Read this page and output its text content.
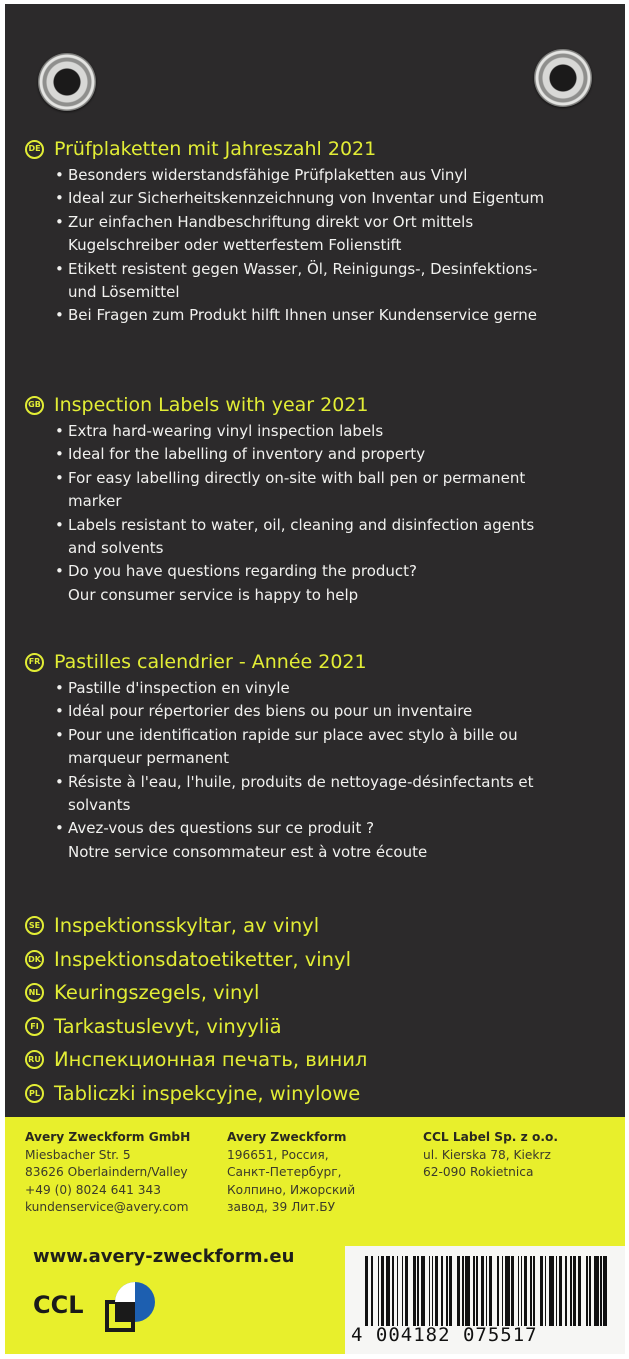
DE Prüfplaketten mit Jahreszahl 2021
• Besonders widerstandsfähige Prüfplaketten aus Vinyl
• Ideal zur Sicherheitskennzeichnung von Inventar und Eigentum
• Zur einfachen Handbeschriftung direkt vor Ort mittels
Kugelschreiber oder wetterfestem Folienstift
• Etikett resistent gegen Wasser, Öl, Reinigungs-, Desinfektions-
und Lösemittel
• Bei Fragen zum Produkt hilft Ihnen unser Kundenservice gerne
GB Inspection Labels with year 2021
• Extra hard-wearing vinyl inspection labels
• Ideal for the labelling of inventory and property
• For easy labelling directly on-site with ball pen or permanent
marker
• Labels resistant to water, oil, cleaning and disinfection agents
and solvents
• Do you have questions regarding the product?
Our consumer service is happy to help
FR Pastilles calendrier - Année 2021
• Pastille d'inspection en vinyle
• Idéal pour répertorier des biens ou pour un inventaire
• Pour une identification rapide sur place avec stylo à bille ou
marqueur permanent
• Résiste à l'eau, l'huile, produits de nettoyage-désinfectants et
solvants
• Avez-vous des questions sur ce produit ?
Notre service consommateur est à votre écoute
SE Inspektionsskyltar, av vinyl
DK Inspektionsdatoetiketter, vinyl
NL Keuringszegels, vinyl
FI Tarkastuslevyt, vinyyliä
RU Инспекционная печать, винил
PL Tabliczki inspekcyjne, winylowe
Avery Zweckform GmbH
Miesbacher Str. 5
83626 Oberlaindern/Valley
+49 (0) 8024 641 343
kundenservice@avery.com
Avery Zweckform
196651, Россия,
Санкт-Петербург,
Колпино, Ижорский
завод, 39 Лит.БУ
CCL Label Sp. z o.o.
ul. Kierska 78, Kiekrz
62-090 Rokietnica
www.avery-zweckform.eu
CCL
4 004182 075517
